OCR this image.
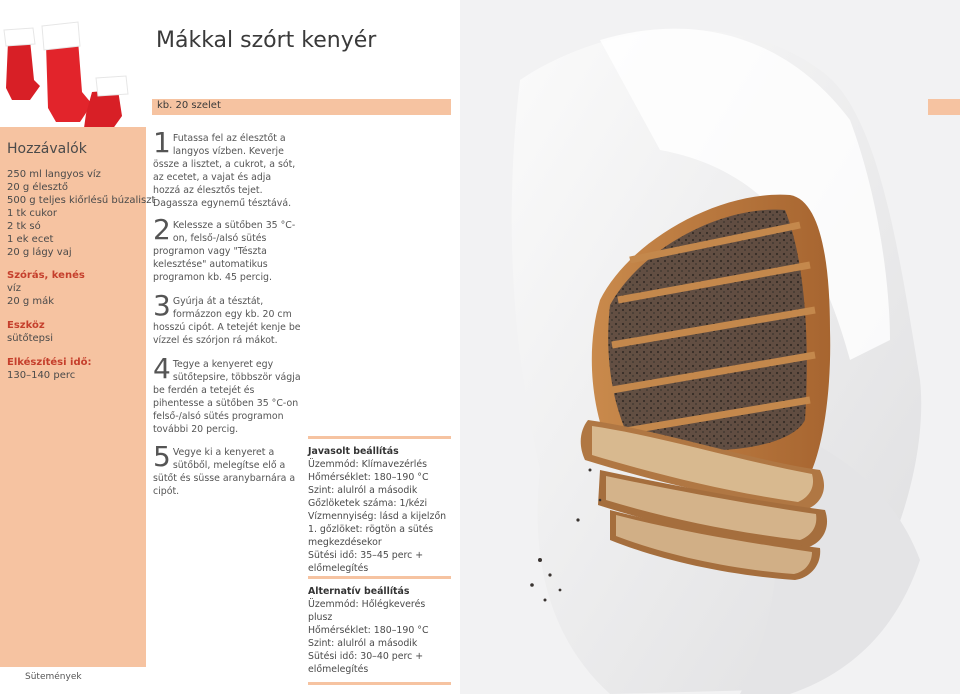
Mákkal szórt kenyér
kb. 20 szelet
Hozzávalók
250 ml langyos víz
20 g élesztő
500 g teljes kiőrlésű búzaliszt
1 tk cukor
2 tk só
1 ek ecet
20 g lágy vaj
Szórás, kenés
víz
20 g mák
Eszköz
sütőtepsi
Elkészítési idő:
130–140 perc
Sütemények
1 Futassa fel az élesztőt a langyos vízben. Keverje össze a lisztet, a cukrot, a sót, az ecetet, a vajat és adja hozzá az élesztős tejet. Dagassza egynemű tésztává.
2 Kelessze a sütőben 35 °C-on, felső-/alsó sütés programon vagy "Tészta kelesztése" automatikus programon kb. 45 percig.
3 Gyúrja át a tésztát, formázzon egy kb. 20 cm hosszú cipót. A tetejét kenje be vízzel és szórjon rá mákot.
4 Tegye a kenyeret egy sütőtepsire, többször vágja be ferdén a tetejét és pihentesse a sütőben 35 °C-on felső-/alsó sütés programon további 20 percig.
5 Vegye ki a kenyeret a sütőből, melegítse elő a sütőt és süsse aranybarnára a cipót.
Javasolt beállítás
Üzemmód: Klímavezérlés
Hőmérséklet: 180–190 °C
Szint: alulról a második
Gőzlöketek száma: 1/kézi
Vízmennyiség: lásd a kijelzőn
1. gőzlöket: rögtön a sütés megkezdésekor
Sütési idő: 35–45 perc + előmelegítés
Alternatív beállítás
Üzemmód: Hőlégkeverés plusz
Hőmérséklet: 180–190 °C
Szint: alulról a második
Sütési idő: 30–40 perc + előmelegítés
